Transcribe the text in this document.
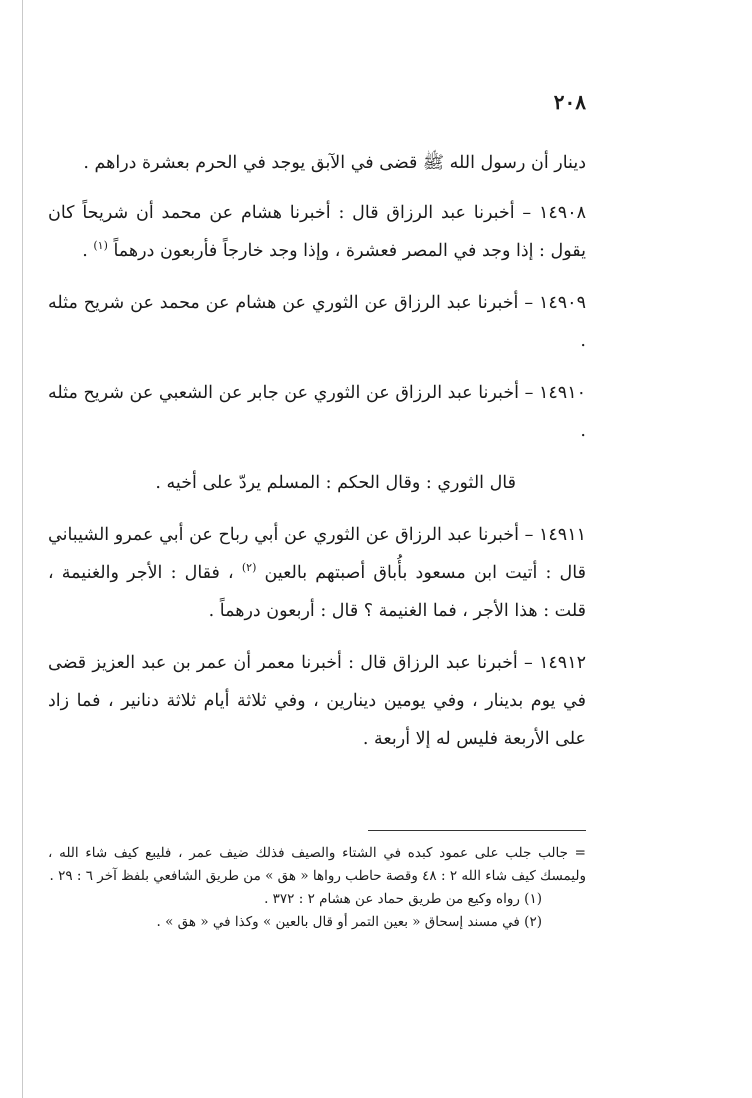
٢٠٨

دينار أن رسول الله ﷺ قضى في الآبق يوجد في الحرم بعشرة دراهم .

١٤٩٠٨ – أخبرنا عبد الرزاق قال : أخبرنا هشام عن محمد أن شريحاً كان يقول : إذا وجد في المصر فعشرة ، وإذا وجد خارجاً فأربعون درهماً $^{(١)}$ .

١٤٩٠٩ – أخبرنا عبد الرزاق عن الثوري عن هشام عن محمد عن شريح مثله .

١٤٩١٠ – أخبرنا عبد الرزاق عن الثوري عن جابر عن الشعبي عن شريح مثله .

قال الثوري : وقال الحكم : المسلم يردّ على أخيه .

١٤٩١١ – أخبرنا عبد الرزاق عن الثوري عن أبي رباح عن أبي عمرو الشيباني قال : أتيت ابن مسعود بأُباق أصبتهم بالعين $^{(٢)}$ ، فقال : الأجر والغنيمة ، قلت : هذا الأجر ، فما الغنيمة ؟ قال : أربعون درهماً .

١٤٩١٢ – أخبرنا عبد الرزاق قال : أخبرنا معمر أن عمر بن عبد العزيز قضى في يوم بدينار ، وفي يومين دينارين ، وفي ثلاثة أيام ثلاثة دنانير ، فما زاد على الأربعة فليس له إلا أربعة .

= جالب جلب على عمود كبده في الشتاء والصيف فذلك ضيف عمر ، فليبع كيف شاء الله ، وليمسك كيف شاء الله ٢ : ٤٨ وقصة حاطب رواها « هق » من طريق الشافعي بلفظ آخر ٦ : ٢٩ .

(١) رواه وكيع من طريق حماد عن هشام ٢ : ٣٧٢ .

(٢) في مسند إسحاق « بعين التمر أو قال بالعين » وكذا في « هق » .
